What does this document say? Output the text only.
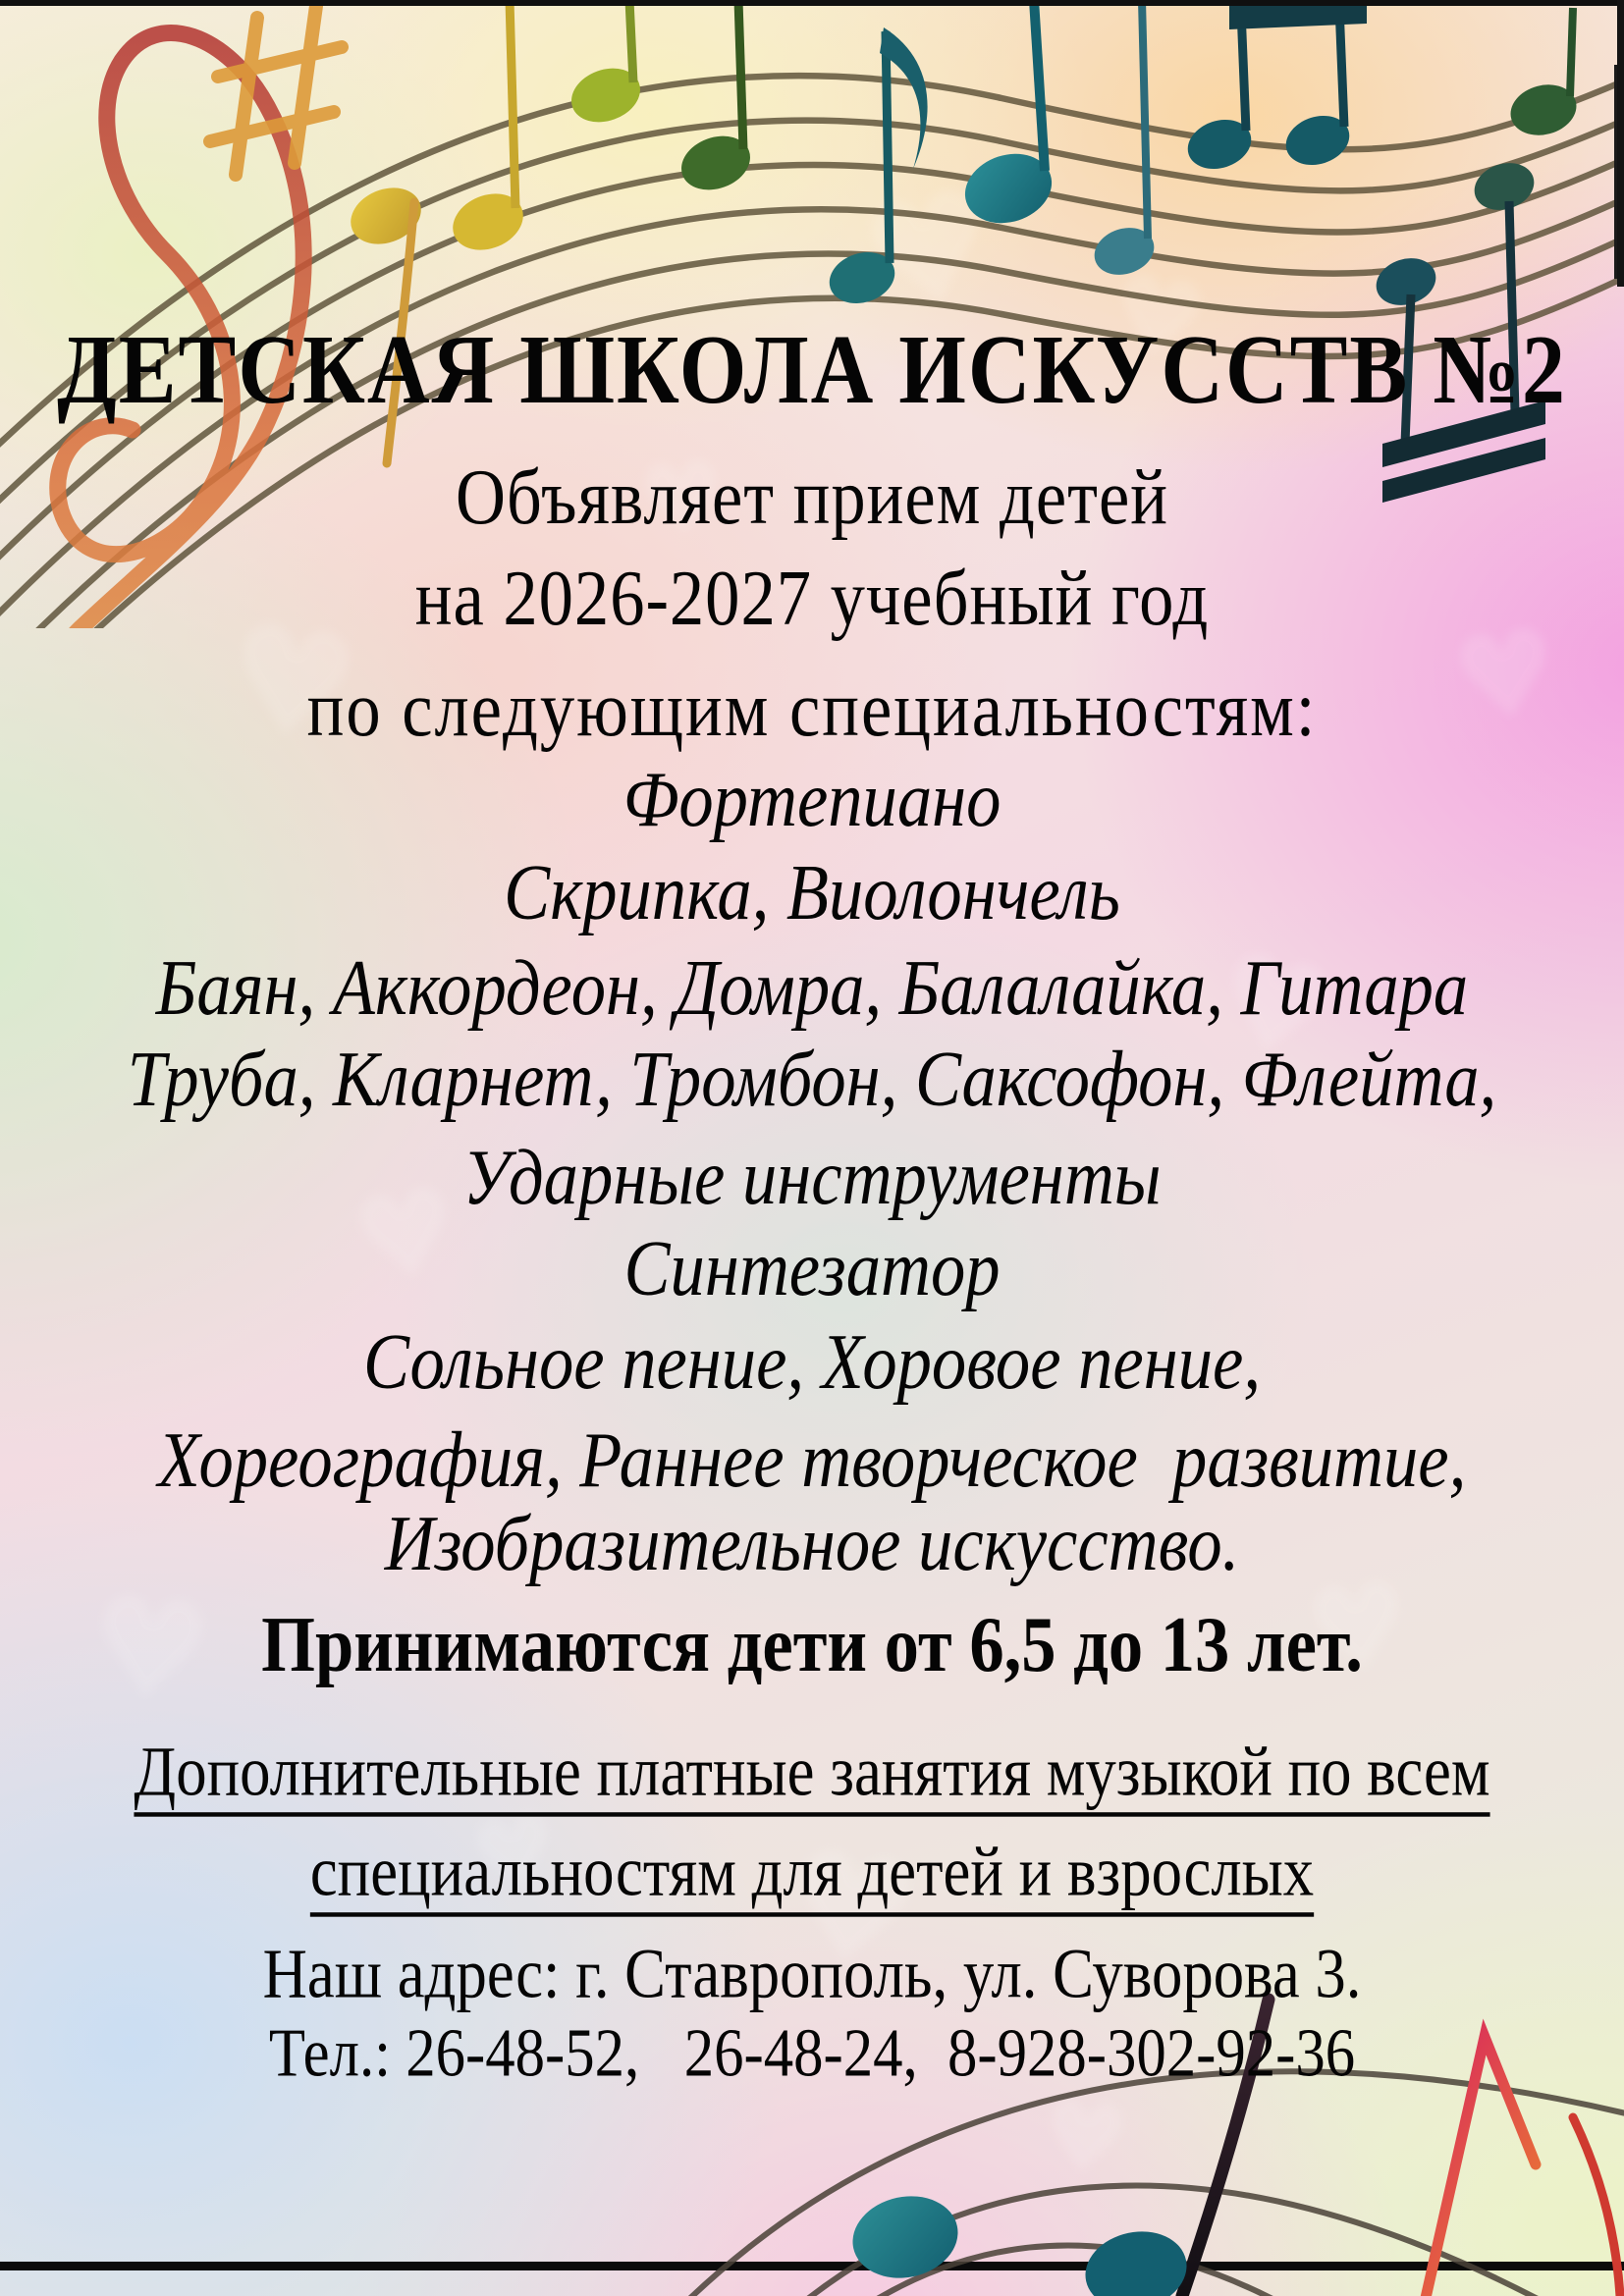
♥
♥
♥
♥
♥
♥
♥
♥
♥
♥
♥
♥
ДЕТСКАЯ ШКОЛА ИСКУССТВ №2
Объявляет прием детей
на 2026-2027 учебный год
по следующим специальностям:
Фортепиано
Скрипка, Виолончель
Баян, Аккордеон, Домра, Балалайка, Гитара
Труба, Кларнет, Тромбон, Саксофон, Флейта,
Ударные инструменты
Синтезатор
Сольное пение, Хоровое пение,
Хореография, Раннее творческое  развитие,
Изобразительное искусство.
Принимаются дети от 6,5 до 13 лет.
Дополнительные платные занятия музыкой по всем
специальностям для детей и взрослых
Наш адрес: г. Ставрополь, ул. Суворова 3.
Тел.: 26-48-52,   26-48-24,  8-928-302-92-36
